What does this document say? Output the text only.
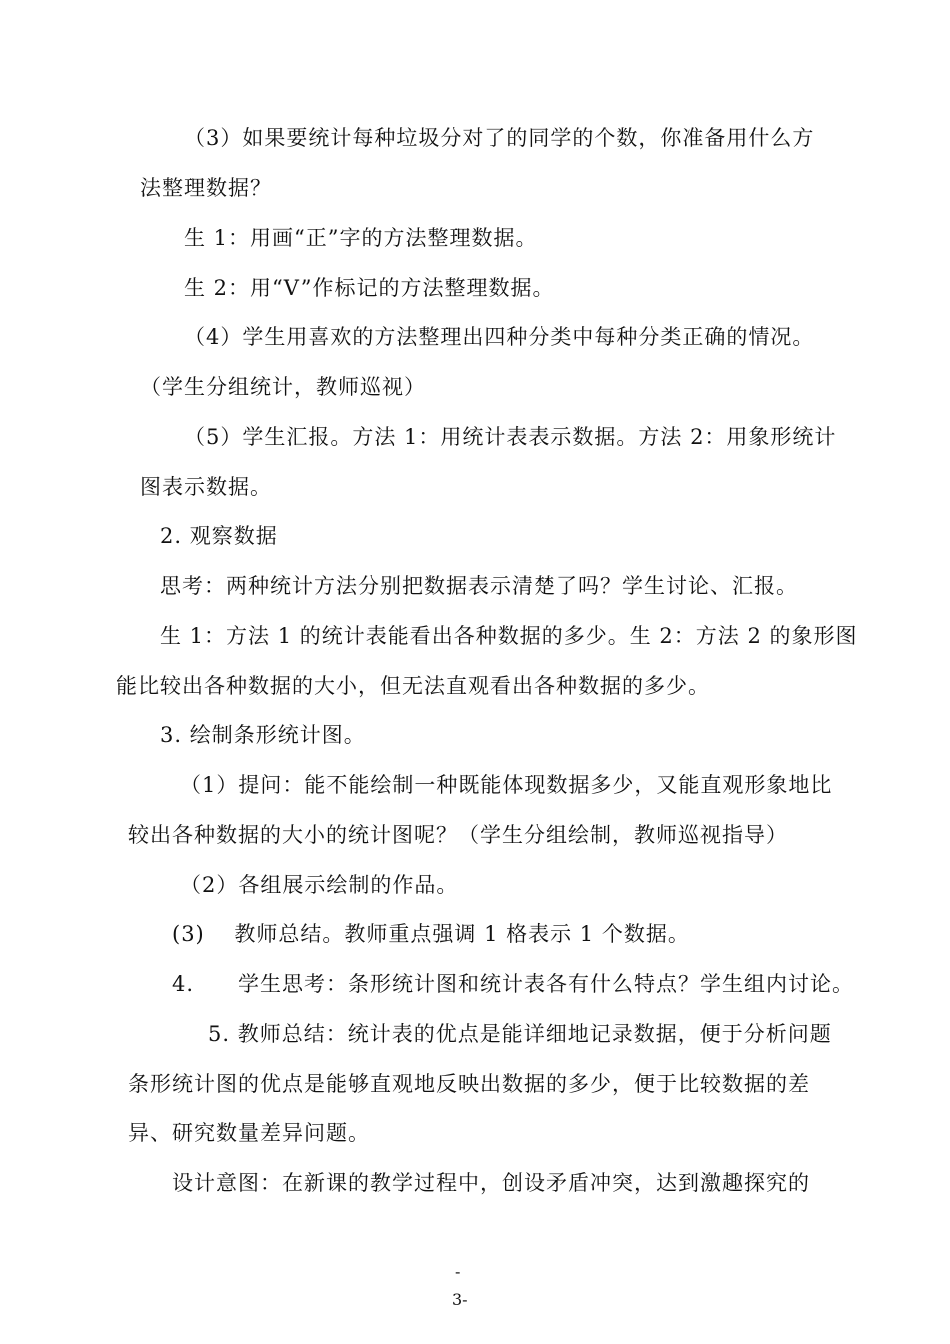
（3）如果要统计每种垃圾分对了的同学的个数，你准备用什么方
法整理数据？
生 1：用画“正”字的方法整理数据。
生 2：用“V”作标记的方法整理数据。
（4）学生用喜欢的方法整理出四种分类中每种分类正确的情况。
（学生分组统计，教师巡视）
（5）学生汇报。方法 1：用统计表表示数据。方法 2：用象形统计
图表示数据。
2. 观察数据
思考：两种统计方法分别把数据表示清楚了吗？学生讨论、汇报。
生 1：方法 1 的统计表能看出各种数据的多少。生 2：方法 2 的象形图
能比较出各种数据的大小，但无法直观看出各种数据的多少。
3. 绘制条形统计图。
（1）提问：能不能绘制一种既能体现数据多少，又能直观形象地比
较出各种数据的大小的统计图呢？（学生分组绘制，教师巡视指导）
（2）各组展示绘制的作品。
(3)　 教师总结。教师重点强调 1 格表示 1 个数据。
4.　　学生思考：条形统计图和统计表各有什么特点？学生组内讨论。
5. 教师总结：统计表的优点是能详细地记录数据，便于分析问题
条形统计图的优点是能够直观地反映出数据的多少，便于比较数据的差
异、研究数量差异问题。
设计意图：在新课的教学过程中，创设矛盾冲突，达到激趣探究的
-
3-
